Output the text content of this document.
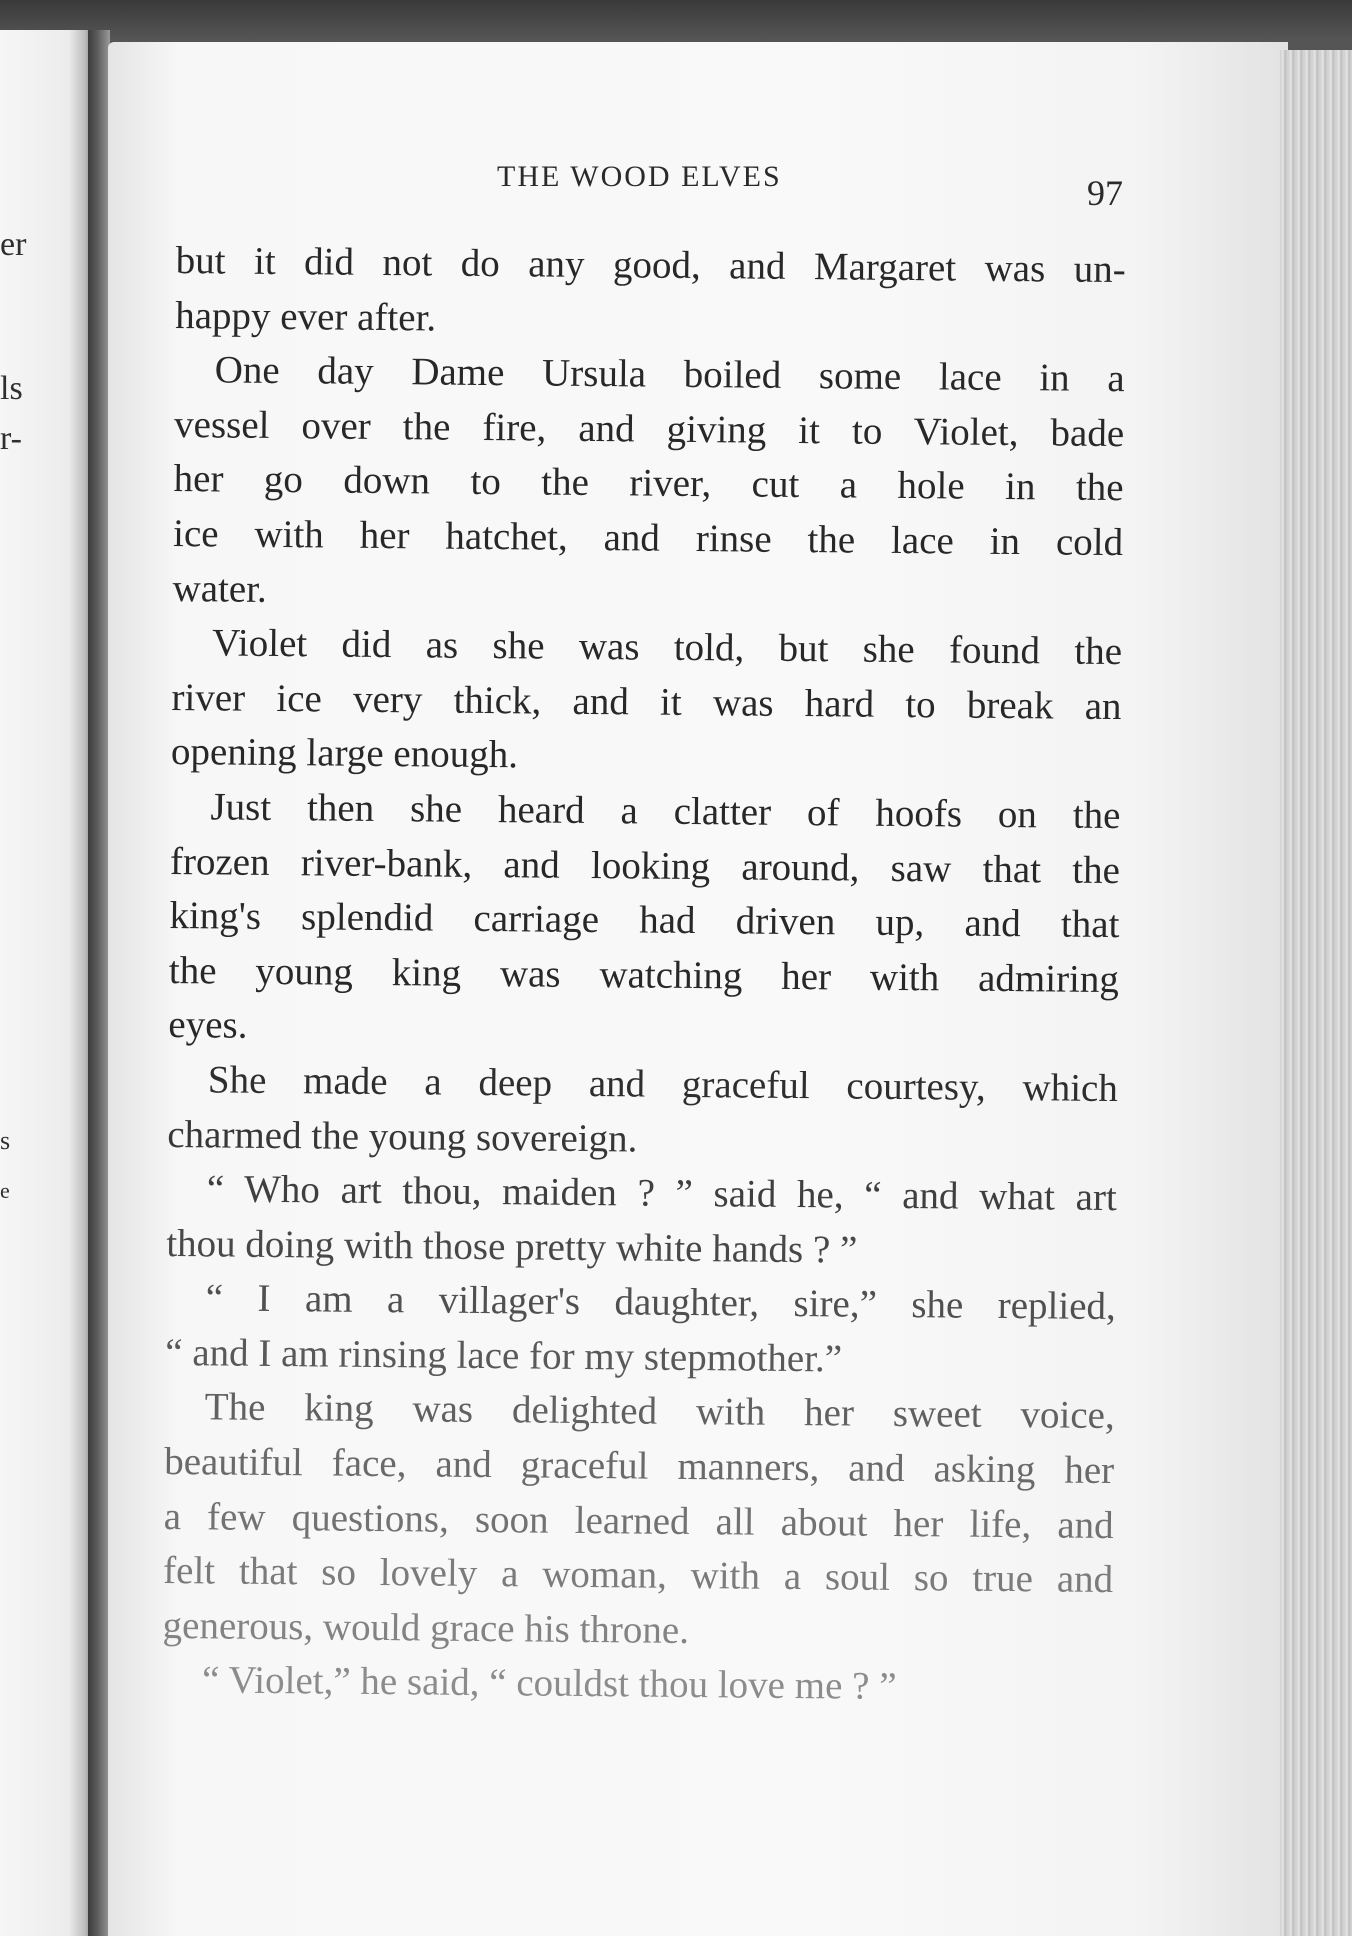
er
ls
r-
s
e
THE WOOD ELVES	97
but it did not do any good, and Margaret was un-
happy ever after.
One day Dame Ursula boiled some lace in a
vessel over the fire, and giving it to Violet, bade
her go down to the river, cut a hole in the
ice with her hatchet, and rinse the lace in cold
water.
Violet did as she was told, but she found the
river ice very thick, and it was hard to break an
opening large enough.
Just then she heard a clatter of hoofs on the
frozen river-bank, and looking around, saw that the
king's splendid carriage had driven up, and that
the young king was watching her with admiring
eyes.
She made a deep and graceful courtesy, which
charmed the young sovereign.
“ Who art thou, maiden ? ” said he, “ and what art
thou doing with those pretty white hands ? ”
“ I am a villager's daughter, sire,” she replied,
“ and I am rinsing lace for my stepmother.”
The king was delighted with her sweet voice,
beautiful face, and graceful manners, and asking her
a few questions, soon learned all about her life, and
felt that so lovely a woman, with a soul so true and
generous, would grace his throne.
“ Violet,” he said, “ couldst thou love me ? ”
